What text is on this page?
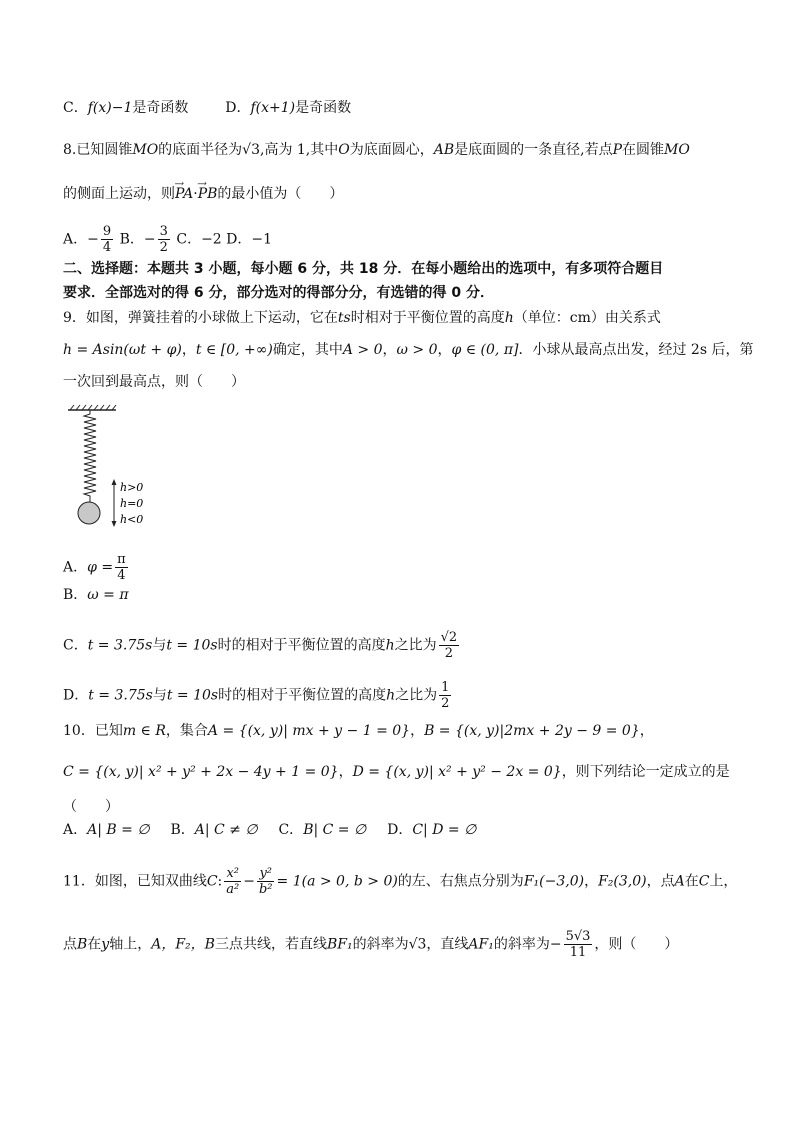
C．f(x)−1是奇函数	D．f(x+1)是奇函数
8.已知圆锥MO的底面半径为√3,高为 1,其中O为底面圆心，AB是底面圆的一条直径,若点P在圆锥MO
的侧面上运动，则―› PA·―› PB的最小值为（　　）
A．− $\frac{9}{4}$ B．− $\frac{3}{2}$ C．−2 D．−1
二、选择题：本题共 3 小题，每小题 6 分，共 18 分．在每小题给出的选项中，有多项符合题目
要求．全部选对的得 6 分，部分选对的得部分分，有选错的得 0 分．
9．如图，弹簧挂着的小球做上下运动，它在ts时相对于平衡位置的高度h（单位：cm）由关系式
h = Asin(ωt + φ)，t ∈ [0, +∞)确定，其中A > 0，ω > 0，φ ∈ (0, π]．小球从最高点出发，经过 2s 后，第
一次回到最高点，则（　　）
h>0
h=0
h<0
A．$\varphi = \frac{\pi}{4}$
B．ω = π
C．t = 3.75s与t = 10s时的相对于平衡位置的高度h之比为 $\frac{√2}{2}$
D．t = 3.75s与t = 10s时的相对于平衡位置的高度h之比为 $\frac{1}{2}$
10．已知m ∈ R，集合A = {(x, y)| mx + y − 1 = 0}，B = {(x, y)|2mx + 2y − 9 = 0}，
C = {(x, y)| x² + y² + 2x − 4y + 1 = 0}，D = {(x, y)| x² + y² − 2x = 0}，则下列结论一定成立的是
（　　）
A．A| B = ∅ B．A| C ≠ ∅ C．B| C = ∅ D．C| D = ∅
11．如图，已知双曲线C: $\frac{\text{x²}}{\text{a²}} - \frac{\text{y²}}{\text{b²}} = 1(a > 0$, b > 0)的左、右焦点分别为F₁(−3,0)，F₂(3,0)，点A在C上，
点B在y轴上，A，F₂，B三点共线，若直线BF₁的斜率为√3，直线AF₁的斜率为− $\frac{5√3}{11}$ ，则（　　）
